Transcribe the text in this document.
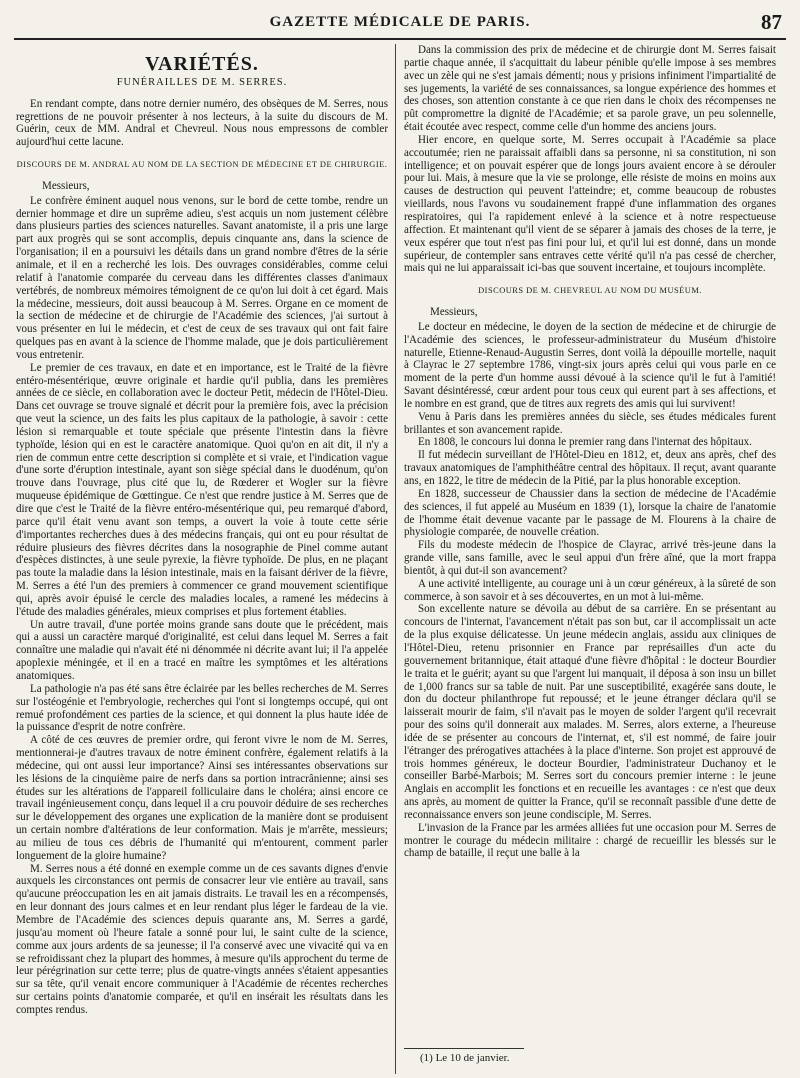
GAZETTE MÉDICALE DE PARIS.	87
VARIÉTÉS.
FUNÉRAILLES DE M. SERRES.

En rendant compte, dans notre dernier numéro, des obsèques de M. Serres, nous regrettions de ne pouvoir présenter à nos lecteurs, à la suite du discours de M. Guérin, ceux de MM. Andral et Chevreul. Nous nous empressons de combler aujourd'hui cette lacune.

DISCOURS DE M. ANDRAL AU NOM DE LA SECTION DE MÉDECINE ET DE CHIRURGIE.

Messieurs,

Le confrère éminent auquel nous venons, sur le bord de cette tombe, rendre un dernier hommage et dire un suprême adieu, s'est acquis un nom justement célèbre dans plusieurs parties des sciences naturelles. Savant anatomiste, il a pris une large part aux progrès qui se sont accomplis, depuis cinquante ans, dans la science de l'organisation; il en a poursuivi les détails dans un grand nombre d'êtres de la série animale, et il en a recherché les lois. Des ouvrages considérables, comme celui relatif à l'anatomie comparée du cerveau dans les différentes classes d'animaux vertébrés, de nombreux mémoires témoignent de ce qu'on lui doit à cet égard. Mais la médecine, messieurs, doit aussi beaucoup à M. Serres. Organe en ce moment de la section de médecine et de chirurgie de l'Académie des sciences, j'ai surtout à vous présenter en lui le médecin, et c'est de ceux de ses travaux qui ont fait faire quelques pas en avant à la science de l'homme malade, que je dois particulièrement vous entretenir.

Le premier de ces travaux, en date et en importance, est le Traité de la fièvre entéro-mésentérique, œuvre originale et hardie qu'il publia, dans les premières années de ce siècle, en collaboration avec le docteur Petit, médecin de l'Hôtel-Dieu. Dans cet ouvrage se trouve signalé et décrit pour la première fois, avec la précision que veut la science, un des faits les plus capitaux de la pathologie, à savoir : cette lésion si remarquable et toute spéciale que présente l'intestin dans la fièvre typhoïde, lésion qui en est le caractère anatomique. Quoi qu'on en ait dit, il n'y a rien de commun entre cette description si complète et si vraie, et l'indication vague d'une sorte d'éruption intestinale, ayant son siège spécial dans le duodénum, qu'on trouve dans l'ouvrage, plus cité que lu, de Rœderer et Wogler sur la fièvre muqueuse épidémique de Gœttingue. Ce n'est que rendre justice à M. Serres que de dire que c'est le Traité de la fièvre entéro-mésentérique qui, peu remarqué d'abord, parce qu'il était venu avant son temps, a ouvert la voie à toute cette série d'importantes recherches dues à des médecins français, qui ont eu pour résultat de réduire plusieurs des fièvres décrites dans la nosographie de Pinel comme autant d'espèces distinctes, à une seule pyrexie, la fièvre typhoïde. De plus, en ne plaçant pas toute la maladie dans la lésion intestinale, mais en la faisant dériver de la fièvre, M. Serres a été l'un des premiers à commencer ce grand mouvement scientifique qui, après avoir épuisé le cercle des maladies locales, a ramené les médecins à l'étude des maladies générales, mieux comprises et plus fortement établies.

Un autre travail, d'une portée moins grande sans doute que le précédent, mais qui a aussi un caractère marqué d'originalité, est celui dans lequel M. Serres a fait connaître une maladie qui n'avait été ni dénommée ni décrite avant lui; il l'a appelée apoplexie méningée, et il en a tracé en maître les symptômes et les altérations anatomiques.

La pathologie n'a pas été sans être éclairée par les belles recherches de M. Serres sur l'ostéogénie et l'embryologie, recherches qui l'ont si longtemps occupé, qui ont remué profondément ces parties de la science, et qui donnent la plus haute idée de la puissance d'esprit de notre confrère.

A côté de ces œuvres de premier ordre, qui feront vivre le nom de M. Serres, mentionnerai-je d'autres travaux de notre éminent confrère, également relatifs à la médecine, qui ont aussi leur importance? Ainsi ses intéressantes observations sur les lésions de la cinquième paire de nerfs dans sa portion intracrânienne; ainsi ses études sur les altérations de l'appareil folliculaire dans le choléra; ainsi encore ce travail ingénieusement conçu, dans lequel il a cru pouvoir déduire de ses recherches sur le développement des organes une explication de la manière dont se produisent un certain nombre d'altérations de leur conformation. Mais je m'arrête, messieurs; au milieu de tous ces débris de l'humanité qui m'entourent, comment parler longuement de la gloire humaine?

M. Serres nous a été donné en exemple comme un de ces savants dignes d'envie auxquels les circonstances ont permis de consacrer leur vie entière au travail, sans qu'aucune préoccupation les en ait jamais distraits. Le travail les en a récompensés, en leur donnant des jours calmes et en leur rendant plus léger le fardeau de la vie. Membre de l'Académie des sciences depuis quarante ans, M. Serres a gardé, jusqu'au moment où l'heure fatale a sonné pour lui, le saint culte de la science, comme aux jours ardents de sa jeunesse; il l'a conservé avec une vivacité qui va en se refroidissant chez la plupart des hommes, à mesure qu'ils approchent du terme de leur pérégrination sur cette terre; plus de quatre-vingts années s'étaient appesanties sur sa tête, qu'il venait encore communiquer à l'Académie de récentes recherches sur certains points d'anatomie comparée, et qu'il en insérait les résultats dans les comptes rendus.

Dans la commission des prix de médecine et de chirurgie dont M. Serres faisait partie chaque année, il s'acquittait du labeur pénible qu'elle impose à ses membres avec un zèle qui ne s'est jamais démenti; nous y prisions infiniment l'impartialité de ses jugements, la variété de ses connaissances, sa longue expérience des hommes et des choses, son attention constante à ce que rien dans le choix des récompenses ne pût compromettre la dignité de l'Académie; et sa parole grave, un peu solennelle, était écoutée avec respect, comme celle d'un homme des anciens jours.

Hier encore, en quelque sorte, M. Serres occupait à l'Académie sa place accoutumée; rien ne paraissait affaibli dans sa personne, ni sa constitution, ni son intelligence; et on pouvait espérer que de longs jours avaient encore à se dérouler pour lui. Mais, à mesure que la vie se prolonge, elle résiste de moins en moins aux causes de destruction qui peuvent l'atteindre; et, comme beaucoup de robustes vieillards, nous l'avons vu soudainement frappé d'une inflammation des organes respiratoires, qui l'a rapidement enlevé à la science et à notre respectueuse affection. Et maintenant qu'il vient de se séparer à jamais des choses de la terre, je veux espérer que tout n'est pas fini pour lui, et qu'il lui est donné, dans un monde supérieur, de contempler sans entraves cette vérité qu'il n'a pas cessé de chercher, mais qui ne lui apparaissait ici-bas que souvent incertaine, et toujours incomplète.

DISCOURS DE M. CHEVREUL AU NOM DU MUSÉUM.

Messieurs,

Le docteur en médecine, le doyen de la section de médecine et de chirurgie de l'Académie des sciences, le professeur-administrateur du Muséum d'histoire naturelle, Etienne-Renaud-Augustin Serres, dont voilà la dépouille mortelle, naquit à Clayrac le 27 septembre 1786, vingt-six jours après celui qui vous parle en ce moment de la perte d'un homme aussi dévoué à la science qu'il le fut à l'amitié! Savant désintéressé, cœur ardent pour tous ceux qui eurent part à ses affections, et le nombre en est grand, que de titres aux regrets des amis qui lui survivent!

Venu à Paris dans les premières années du siècle, ses études médicales furent brillantes et son avancement rapide.

En 1808, le concours lui donna le premier rang dans l'internat des hôpitaux.

Il fut médecin surveillant de l'Hôtel-Dieu en 1812, et, deux ans après, chef des travaux anatomiques de l'amphithéâtre central des hôpitaux. Il reçut, avant quarante ans, en 1822, le titre de médecin de la Pitié, par la plus honorable exception.

En 1828, successeur de Chaussier dans la section de médecine de l'Académie des sciences, il fut appelé au Muséum en 1839 (1), lorsque la chaire de l'anatomie de l'homme était devenue vacante par le passage de M. Flourens à la chaire de physiologie comparée, de nouvelle création.

Fils du modeste médecin de l'hospice de Clayrac, arrivé très-jeune dans la grande ville, sans famille, avec le seul appui d'un frère aîné, que la mort frappa bientôt, à qui dut-il son avancement?

A une activité intelligente, au courage uni à un cœur généreux, à la sûreté de son commerce, à son savoir et à ses découvertes, en un mot à lui-même.

Son excellente nature se dévoila au début de sa carrière. En se présentant au concours de l'internat, l'avancement n'était pas son but, car il accomplissait un acte de la plus exquise délicatesse. Un jeune médecin anglais, assidu aux cliniques de l'Hôtel-Dieu, retenu prisonnier en France par représailles d'un acte du gouvernement britannique, était attaqué d'une fièvre d'hôpital : le docteur Bourdier le traita et le guérit; ayant su que l'argent lui manquait, il déposa à son insu un billet de 1,000 francs sur sa table de nuit. Par une susceptibilité, exagérée sans doute, le don du docteur philanthrope fut repoussé; et le jeune étranger déclara qu'il se laisserait mourir de faim, s'il n'avait pas le moyen de solder l'argent qu'il recevrait pour des soins qu'il donnerait aux malades. M. Serres, alors externe, a l'heureuse idée de se présenter au concours de l'internat, et, s'il est nommé, de faire jouir l'étranger des prérogatives attachées à la place d'interne. Son projet est approuvé de trois hommes généreux, le docteur Bourdier, l'administrateur Duchanoy et le conseiller Barbé-Marbois; M. Serres sort du concours premier interne : le jeune Anglais en accomplit les fonctions et en recueille les avantages : ce n'est que deux ans après, au moment de quitter la France, qu'il se reconnaît passible d'une dette de reconnaissance envers son jeune condisciple, M. Serres.

L'invasion de la France par les armées alliées fut une occasion pour M. Serres de montrer le courage du médecin militaire : chargé de recueillir les blessés sur le champ de bataille, il reçut une balle à la

(1) Le 10 de janvier.
